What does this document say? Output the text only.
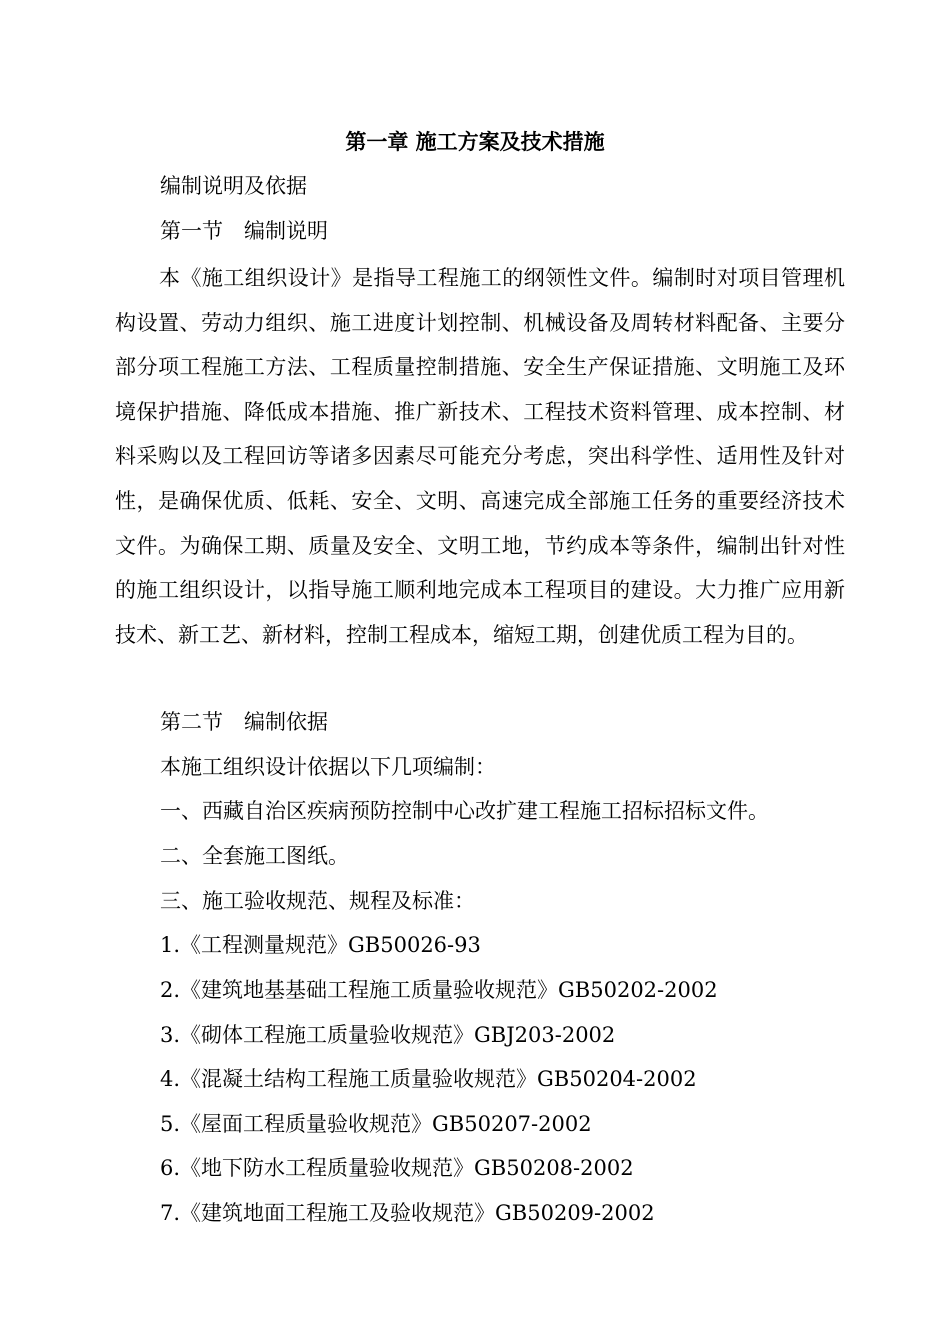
第一章 施工方案及技术措施
编制说明及依据
第一节　编制说明

本《施工组织设计》是指导工程施工的纲领性文件。编制时对项目管理机构设置、劳动力组织、施工进度计划控制、机械设备及周转材料配备、主要分部分项工程施工方法、工程质量控制措施、安全生产保证措施、文明施工及环境保护措施、降低成本措施、推广新技术、工程技术资料管理、成本控制、材料采购以及工程回访等诸多因素尽可能充分考虑，突出科学性、适用性及针对性，是确保优质、低耗、安全、文明、高速完成全部施工任务的重要经济技术文件。为确保工期、质量及安全、文明工地，节约成本等条件，编制出针对性的施工组织设计，以指导施工顺利地完成本工程项目的建设。大力推广应用新技术、新工艺、新材料，控制工程成本，缩短工期，创建优质工程为目的。

第二节　编制依据
本施工组织设计依据以下几项编制：
一、西藏自治区疾病预防控制中心改扩建工程施工招标招标文件。
二、全套施工图纸。
三、施工验收规范、规程及标准：
1.《工程测量规范》GB50026-93
2.《建筑地基基础工程施工质量验收规范》GB50202-2002
3.《砌体工程施工质量验收规范》GBJ203-2002
4.《混凝土结构工程施工质量验收规范》GB50204-2002
5.《屋面工程质量验收规范》GB50207-2002
6.《地下防水工程质量验收规范》GB50208-2002
7.《建筑地面工程施工及验收规范》GB50209-2002
